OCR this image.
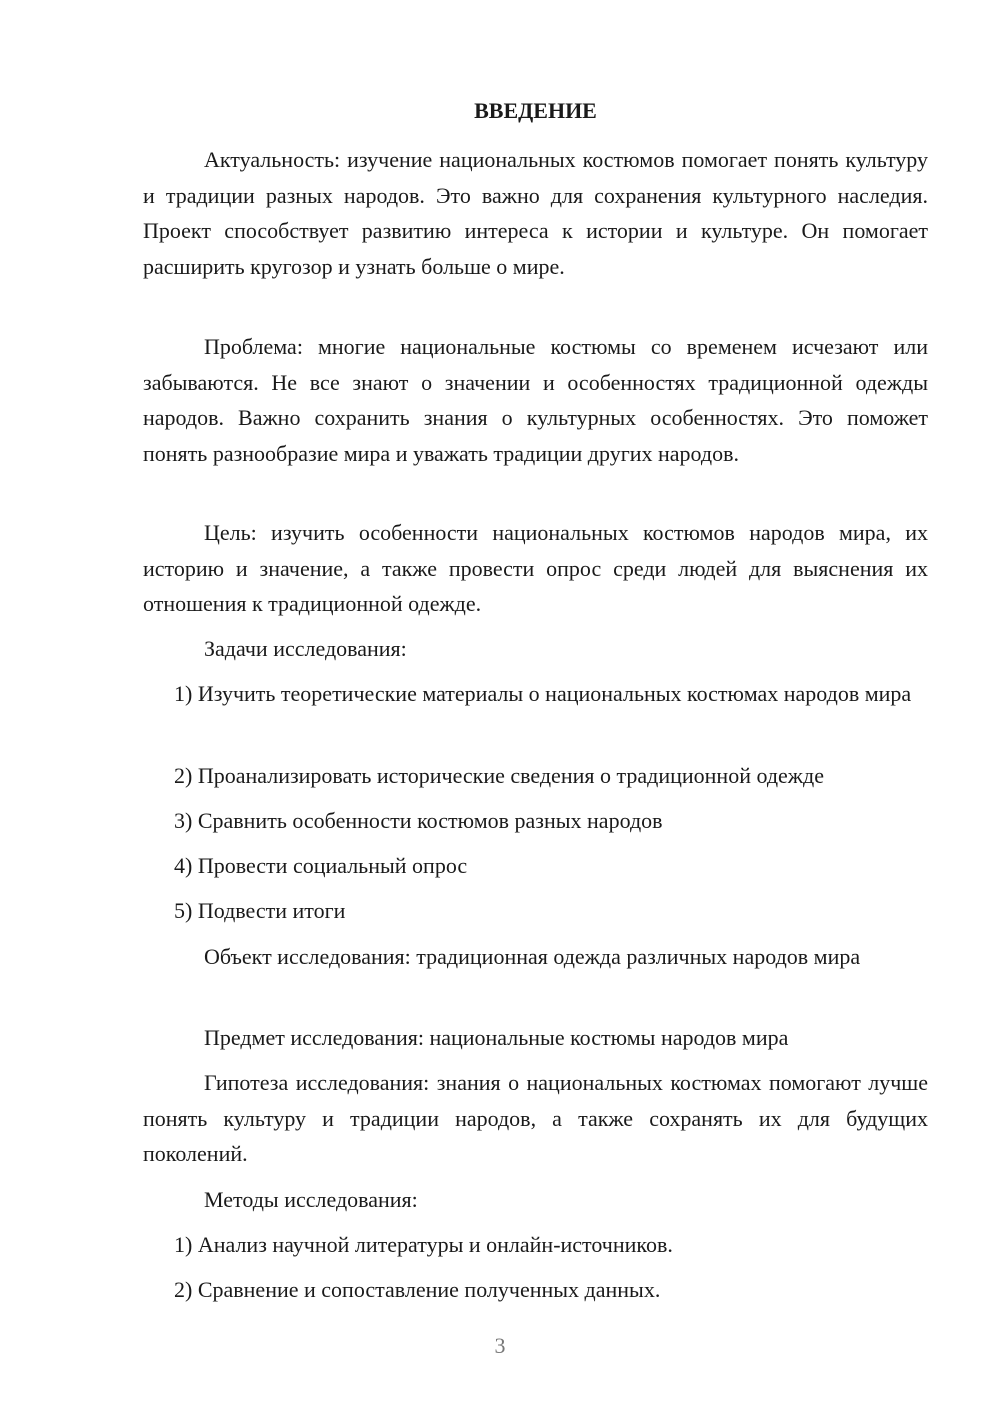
ВВЕДЕНИЕ

Актуальность: изучение национальных костюмов помогает понять культуру и традиции разных народов. Это важно для сохранения культурного наследия. Проект способствует развитию интереса к истории и культуре. Он помогает расширить кругозор и узнать больше о мире.

Проблема: многие национальные костюмы со временем исчезают или забываются. Не все знают о значении и особенностях традиционной одежды народов. Важно сохранить знания о культурных особенностях. Это поможет понять разнообразие мира и уважать традиции других народов.

Цель: изучить особенности национальных костюмов народов мира, их историю и значение, а также провести опрос среди людей для выяснения их отношения к традиционной одежде.

Задачи исследования:

1) Изучить теоретические материалы о национальных костюмах народов мира

2) Проанализировать исторические сведения о традиционной одежде

3) Сравнить особенности костюмов разных народов

4) Провести социальный опрос

5) Подвести итоги

Объект исследования: традиционная одежда различных народов мира

Предмет исследования: национальные костюмы народов мира

Гипотеза исследования: знания о национальных костюмах помогают лучше понять культуру и традиции народов, а также сохранять их для будущих поколений.

Методы исследования:

1) Анализ научной литературы и онлайн-источников.

2) Сравнение и сопоставление полученных данных.

3
